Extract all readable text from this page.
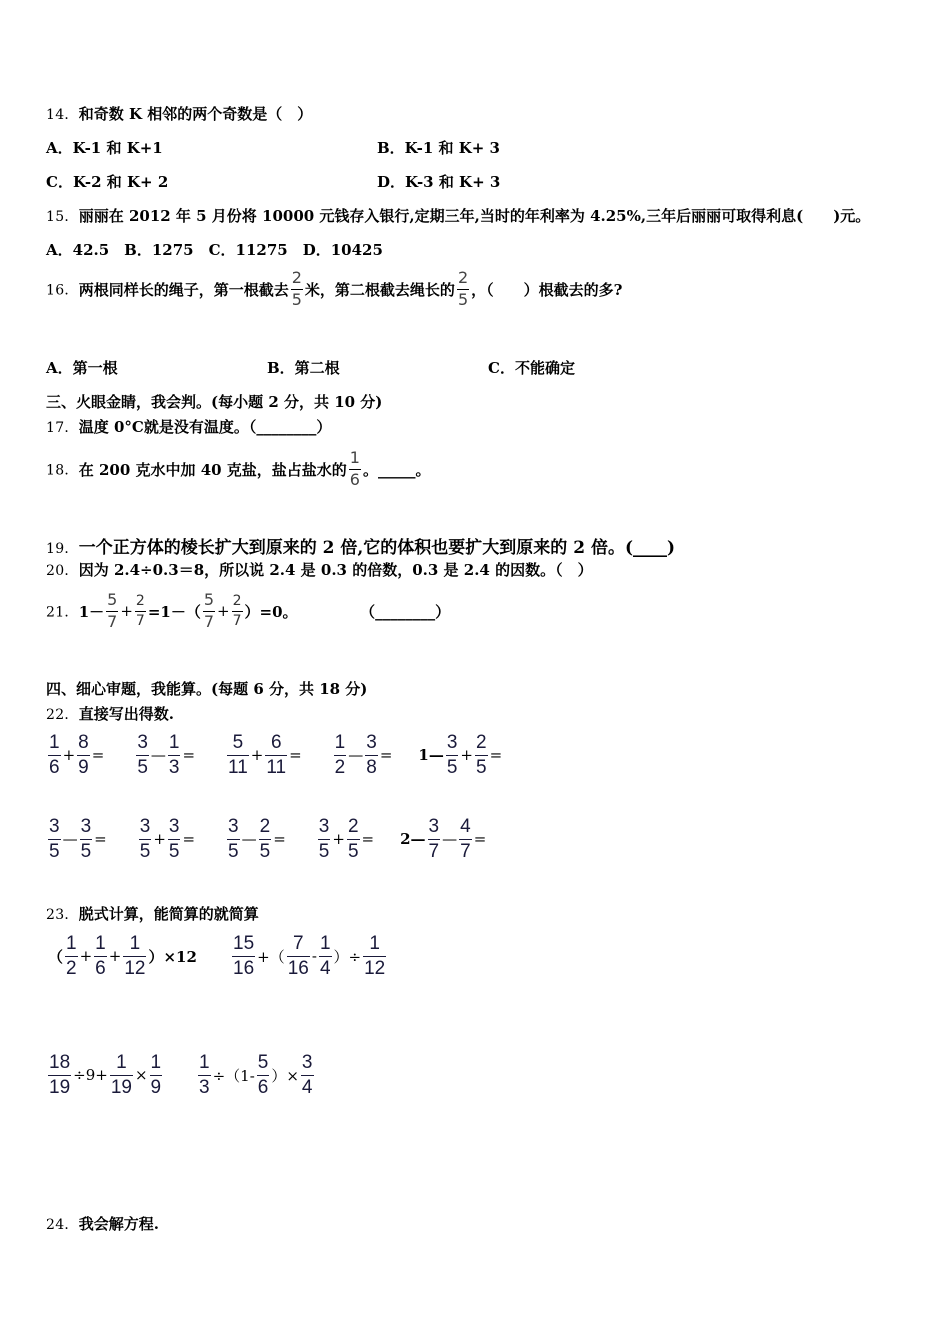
14．和奇数 K 相邻的两个奇数是（　）
A．K-1 和 K+1	B．K-1 和 K+ 3
C．K-2 和 K+ 2	D．K-3 和 K+ 3
15．丽丽在 2012 年 5 月份将 10000 元钱存入银行,定期三年,当时的年利率为 4.25%,三年后丽丽可取得利息(　　)元。
A．42.5　B．1275　C．11275　D．10425
16．两根同样长的绳子，第一根截去 $\frac{2}{5}$ 米，第二根截去绳长的 $\frac{2}{5}$ ，（　　）根截去的多?
A．第一根	B．第二根	C．不能确定
三、火眼金睛，我会判。(每小题 2 分，共 10 分)
17．温度 0°C就是没有温度。（________）
18．在 200 克水中加 40 克盐，盐占盐水的 $\frac{1}{6}$ 。_____。
19．一个正方体的棱长扩大到原来的 2 倍,它的体积也要扩大到原来的 2 倍。(____)
20．因为 2.4÷0.3＝8，所以说 2.4 是 0.3 的倍数，0.3 是 2.4 的因数。（　）
21．$1- \frac{5}{7} + \frac{2}{7} =1-( \frac{5}{7} + \frac{2}{7} )=0$。	（________）
四、细心审题，我能算。(每题 6 分，共 18 分)
22．直接写出得数.
$\frac{1}{6} + \frac{8}{9} = \frac{3}{5}$ — $\frac{1}{3} = \frac{5}{11} + \frac{6}{11} = \frac{1}{2}$ — $\frac{3}{8}$ = 1— $\frac{3}{5} + \frac{2}{5}$ =
$\frac{3}{5}$ — $\frac{3}{5} = \frac{3}{5} + \frac{3}{5} = \frac{3}{5}$ — $\frac{2}{5} = \frac{3}{5} + \frac{2}{5}$ = 2— $\frac{3}{7}$ — $\frac{4}{7}$ =
23．脱式计算，能简算的就简算
（ $\frac{1}{2} + \frac{1}{6} + \frac{1}{12} )\times 12 \frac{15}{16}$ +（ $\frac{7}{16} - \frac{1}{4}$ ）÷ $\frac{1}{12}$
$\frac{18}{19} \div 9+ \frac{1}{19} \times \frac{1}{9} \frac{1}{3} \div(1- \frac{5}{6}$ ）× $\frac{3}{4}$
24．我会解方程.
